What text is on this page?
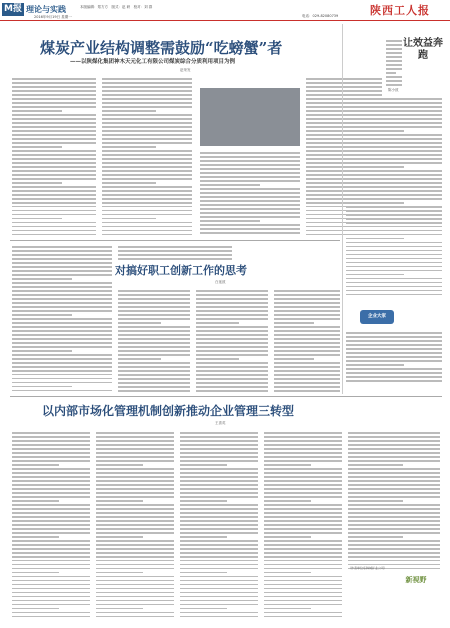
M报 理论与实践	本版编辑：郑方方　版式：赵 研　校对：刘 群
2016年9月19日 星期一	电话：029-82080739	陕西工人报
煤炭产业结构调整需鼓励“吃螃蟹”者
——以陕煤化集团神木天元化工有限公司煤炭综合分质利用项目为例
赵荣发
让效益奔跑
陈小波
企业大家
对搞好职工创新工作的思考
白延波
以内部市场化管理机制创新推动企业管理三转型
王喜英
（作者单位系韩城矿业公司）
新视野
